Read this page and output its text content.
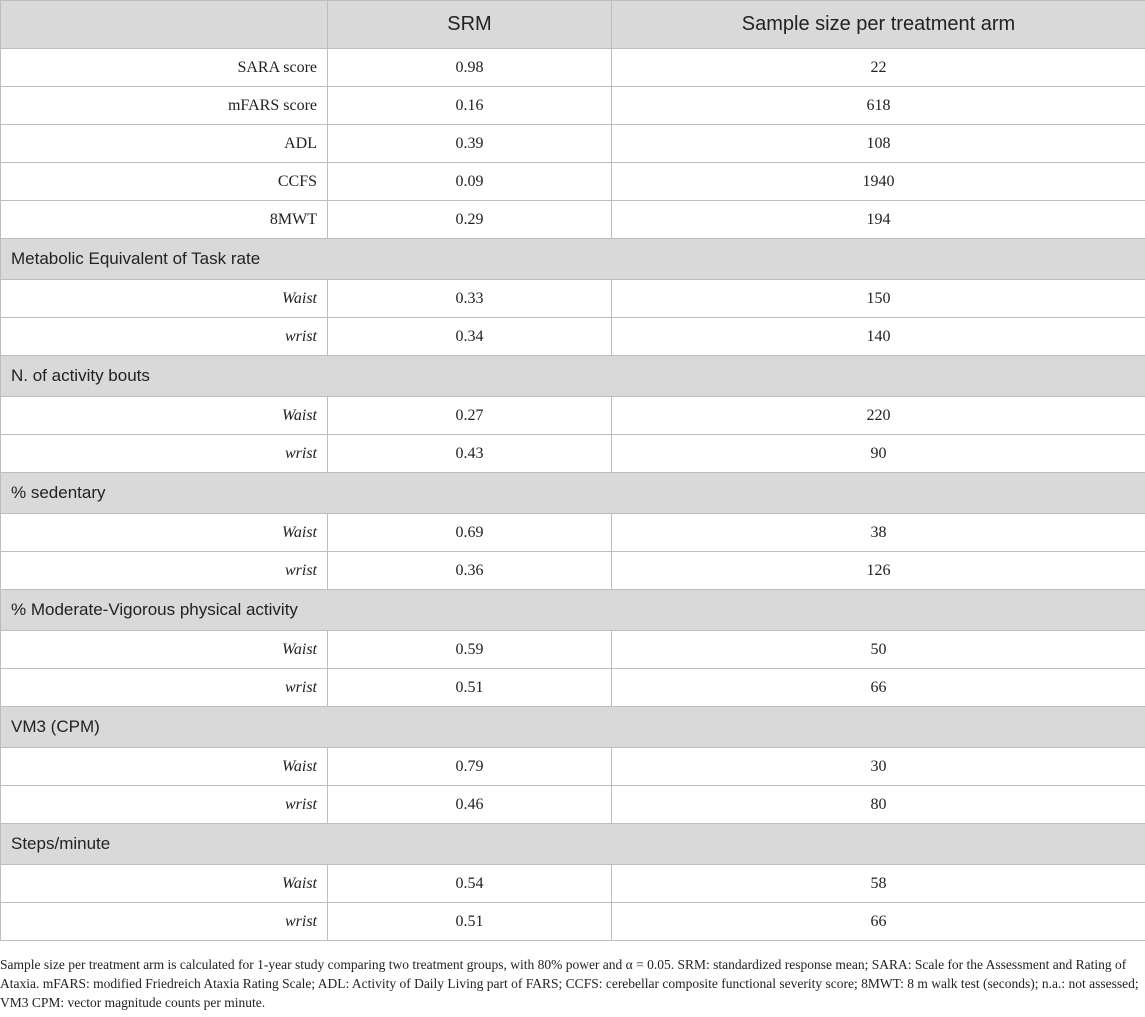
	SRM	Sample size per treatment arm
SARA score	0.98	22
mFARS score	0.16	618
ADL	0.39	108
CCFS	0.09	1940
8MWT	0.29	194
Metabolic Equivalent of Task rate		
Waist	0.33	150
wrist	0.34	140
N. of activity bouts		
Waist	0.27	220
wrist	0.43	90
% sedentary		
Waist	0.69	38
wrist	0.36	126
% Moderate-Vigorous physical activity		
Waist	0.59	50
wrist	0.51	66
VM3 (CPM)		
Waist	0.79	30
wrist	0.46	80
Steps/minute		
Waist	0.54	58
wrist	0.51	66

Sample size per treatment arm is calculated for 1-year study comparing two treatment groups, with 80% power and α = 0.05. SRM: standardized response mean; SARA: Scale for the Assessment and Rating of Ataxia. mFARS: modified Friedreich Ataxia Rating Scale; ADL: Activity of Daily Living part of FARS; CCFS: cerebellar composite functional severity score; 8MWT: 8 m walk test (seconds); n.a.: not assessed; VM3 CPM: vector magnitude counts per minute.
